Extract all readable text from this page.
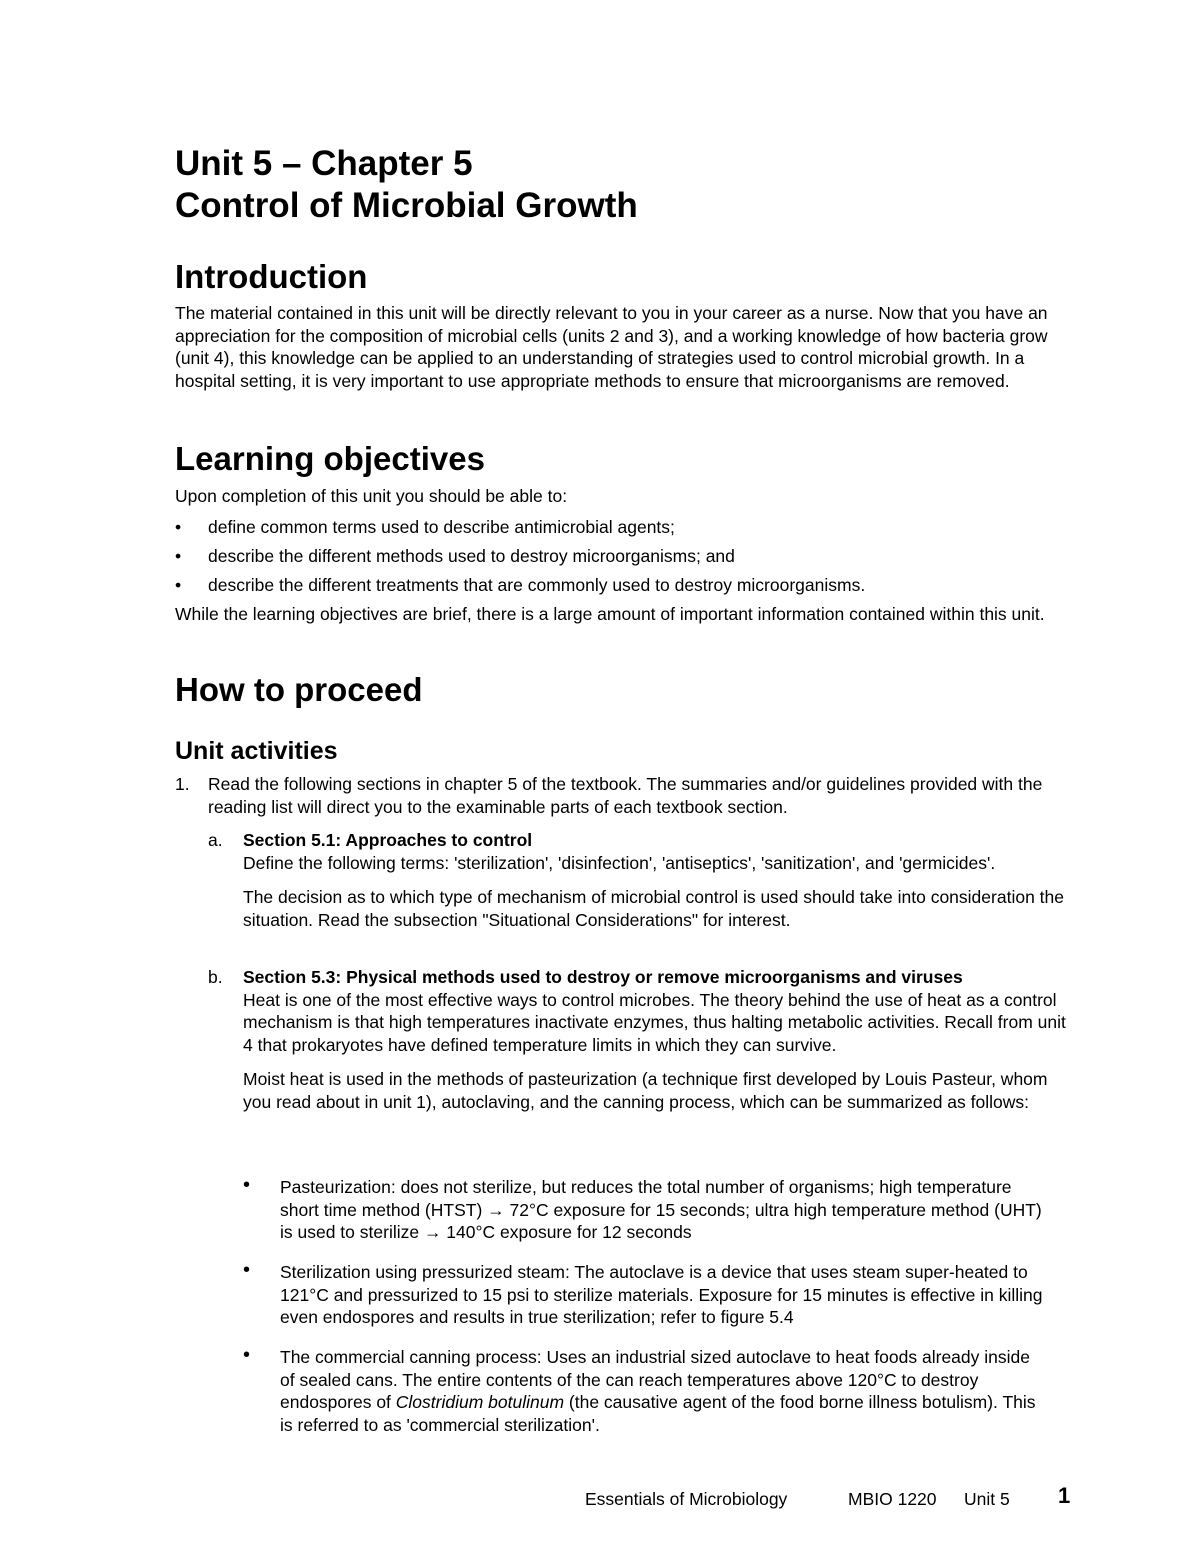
Unit 5 – Chapter 5
Control of Microbial Growth
Introduction

The material contained in this unit will be directly relevant to you in your career as a nurse. Now that you have an appreciation for the composition of microbial cells (units 2 and 3), and a working knowledge of how bacteria grow (unit 4), this knowledge can be applied to an understanding of strategies used to control microbial growth. In a hospital setting, it is very important to use appropriate methods to ensure that microorganisms are removed.

Learning objectives

Upon completion of this unit you should be able to:

• define common terms used to describe antimicrobial agents;
• describe the different methods used to destroy microorganisms; and
• describe the different treatments that are commonly used to destroy microorganisms.

While the learning objectives are brief, there is a large amount of important information contained within this unit.

How to proceed
Unit activities
1. Read the following sections in chapter 5 of the textbook. The summaries and/or guidelines provided with the reading list will direct you to the examinable parts of each textbook section.
a. Section 5.1: Approaches to control
Define the following terms: 'sterilization', 'disinfection', 'antiseptics', 'sanitization', and 'germicides'.
The decision as to which type of mechanism of microbial control is used should take into consideration the situation. Read the subsection "Situational Considerations" for interest.
b. Section 5.3: Physical methods used to destroy or remove microorganisms and viruses
Heat is one of the most effective ways to control microbes. The theory behind the use of heat as a control mechanism is that high temperatures inactivate enzymes, thus halting metabolic activities. Recall from unit 4 that prokaryotes have defined temperature limits in which they can survive.
Moist heat is used in the methods of pasteurization (a technique first developed by Louis Pasteur, whom you read about in unit 1), autoclaving, and the canning process, which can be summarized as follows:
• Pasteurization: does not sterilize, but reduces the total number of organisms; high temperature short time method (HTST) → 72°C exposure for 15 seconds; ultra high temperature method (UHT) is used to sterilize → 140°C exposure for 12 seconds
• Sterilization using pressurized steam: The autoclave is a device that uses steam super-heated to 121°C and pressurized to 15 psi to sterilize materials. Exposure for 15 minutes is effective in killing even endospores and results in true sterilization; refer to figure 5.4
• The commercial canning process: Uses an industrial sized autoclave to heat foods already inside of sealed cans. The entire contents of the can reach temperatures above 120°C to destroy endospores of Clostridium botulinum (the causative agent of the food borne illness botulism). This is referred to as 'commercial sterilization'.
Essentials of Microbiology	MBIO 1220 Unit 5 1
